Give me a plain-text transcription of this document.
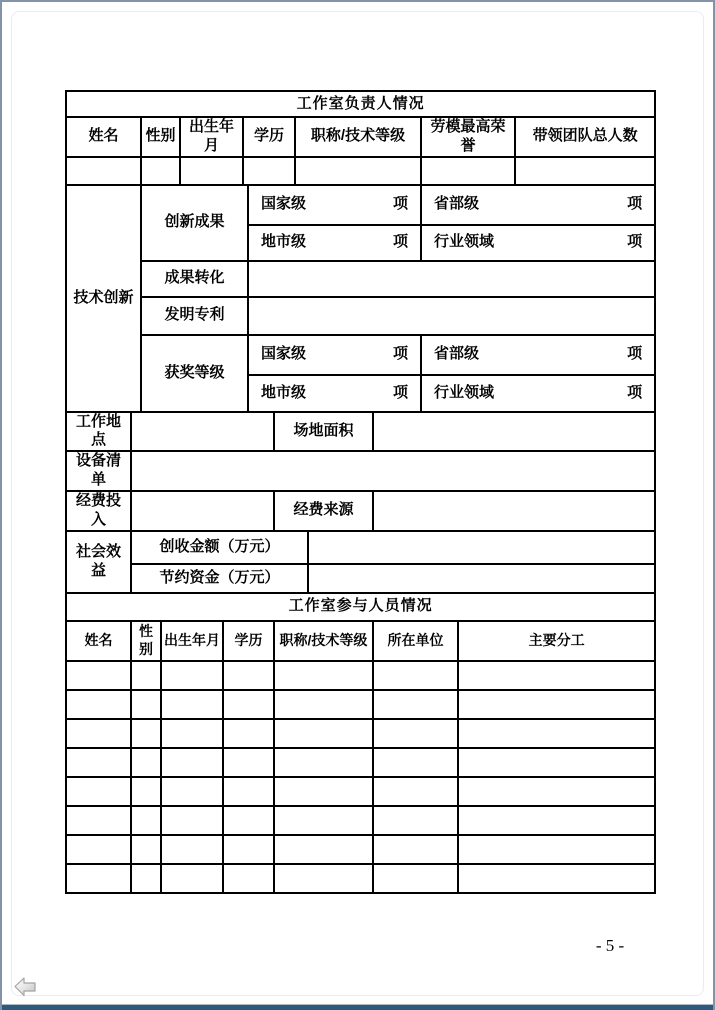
工作室负责人情况														
姓名		性别		出生年月		学历			职称/技术等级			劳模最高荣誉		带领团队总人数

技术创新		创新成果					国家级 项					省部级 项		

							地市级 项					行业领域 项		

		成果转化												
		发明专利												
		获奖等级					国家级 项					省部级 项		

							地市级 项					行业领域 项		

工作地点								场地面积						
设备清单														
经费投入								经费来源						
社会效益	创收金额（万元）													
	节约资金（万元）													
工作室参与人员情况														
姓名	性别		出生年月		学历			职称/技术等级			所在单位		主要分工	

- 5 -
